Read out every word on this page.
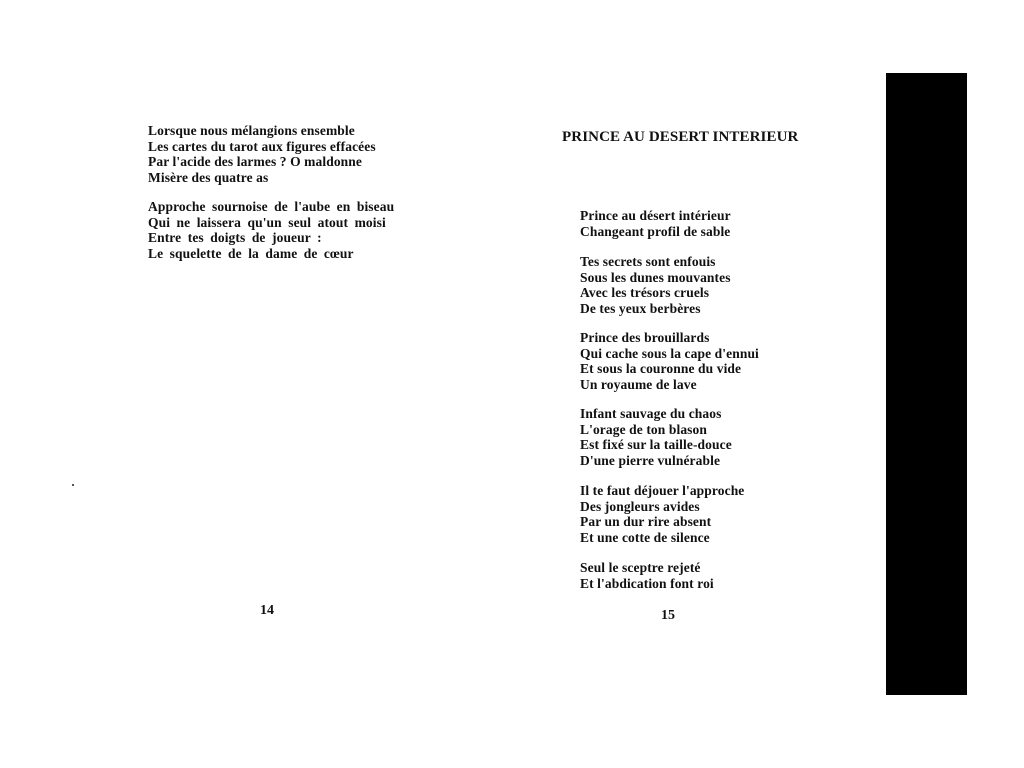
Lorsque nous mélangions ensemble
Les cartes du tarot aux figures effacées
Par l'acide des larmes ? O maldonne
Misère des quatre as
Approche sournoise de l'aube en biseau
Qui ne laissera qu'un seul atout moisi
Entre tes doigts de joueur :
Le squelette de la dame de cœur
14
PRINCE AU DESERT INTERIEUR
Prince au désert intérieur
Changeant profil de sable
Tes secrets sont enfouis
Sous les dunes mouvantes
Avec les trésors cruels
De tes yeux berbères
Prince des brouillards
Qui cache sous la cape d'ennui
Et sous la couronne du vide
Un royaume de lave
Infant sauvage du chaos
L'orage de ton blason
Est fixé sur la taille-douce
D'une pierre vulnérable
Il te faut déjouer l'approche
Des jongleurs avides
Par un dur rire absent
Et une cotte de silence
Seul le sceptre rejeté
Et l'abdication font roi
15
